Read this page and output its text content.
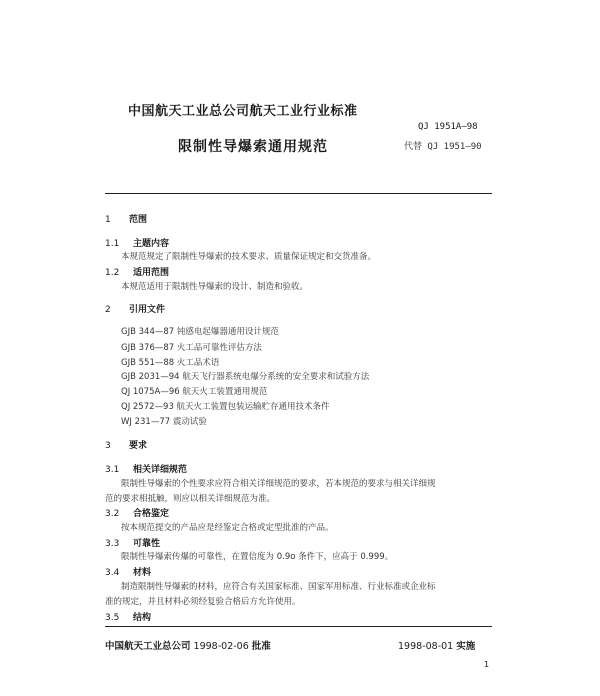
中国航天工业总公司航天工业行业标准
QJ 1951A—98
限制性导爆索通用规范	代替 QJ 1951—90
1 范围
1.1 主题内容
本规范规定了限制性导爆索的技术要求、质量保证规定和交货准备。
1.2 适用范围
本规范适用于限制性导爆索的设计、制造和验收。
2 引用文件
GJB 344—87 钝感电起爆器通用设计规范
GJB 376—87 火工品可靠性评估方法
GJB 551—88 火工品术语
GJB 2031—94 航天飞行器系统电爆分系统的安全要求和试验方法
QJ 1075A—96 航天火工装置通用规范
QJ 2572—93 航天火工装置包装运输贮存通用技术条件
WJ 231—77 震动试验
3 要求
3.1 相关详细规范
限制性导爆索的个性要求应符合相关详细规范的要求，若本规范的要求与相关详细规
范的要求相抵触，则应以相关详细规范为准。
3.2 合格鉴定
按本规范提交的产品应是经鉴定合格或定型批准的产品。
3.3 可靠性
限制性导爆索传爆的可靠性，在置信度为 0.9o 条件下，应高于 0.999。
3.4 材料
制造限制性导爆索的材料，应符合有关国家标准、国家军用标准、行业标准或企业标
准的规定，并且材料必须经复验合格后方允许使用。
3.5 结构
中国航天工业总公司 1998-02-06 批准	1998-08-01 实施
1
